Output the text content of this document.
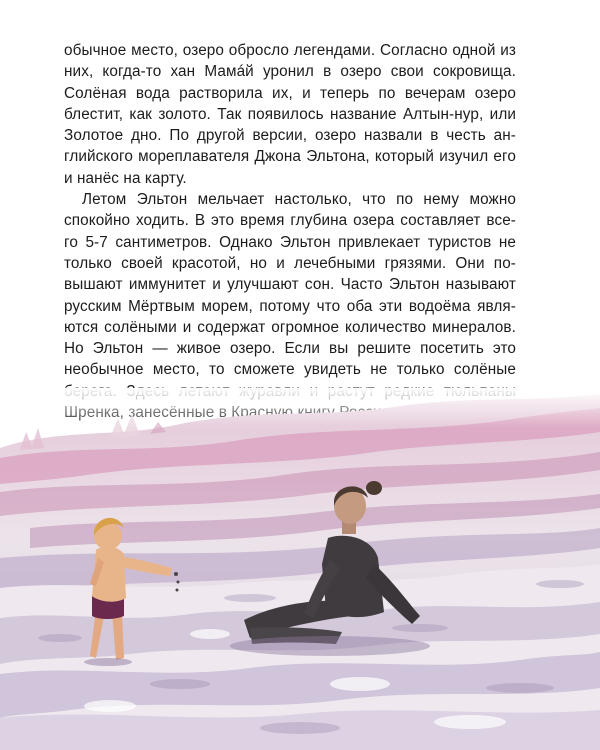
обычное место, озеро обросло легендами. Согласно одной из
них, когда-то хан Мамáй уронил в озеро свои сокровища.
Солёная вода растворила их, и теперь по вечерам озеро
блестит, как золото. Так появилось название Алтын-нур, или
Золотое дно. По другой версии, озеро назвали в честь ан-
глийского мореплавателя Джона Эльтона, который изучил его
и нанёс на карту.

Летом Эльтон мельчает настолько, что по нему можно
спокойно ходить. В это время глубина озера составляет все-
го 5-7 сантиметров. Однако Эльтон привлекает туристов не
только своей красотой, но и лечебными грязями. Они по-
вышают иммунитет и улучшают сон. Часто Эльтон называют
русским Мёртвым морем, потому что оба эти водоёма явля-
ются солёными и содержат огромное количество минералов.
Но Эльтон — живое озеро. Если вы решите посетить это
необычное место, то сможете увидеть не только солёные
